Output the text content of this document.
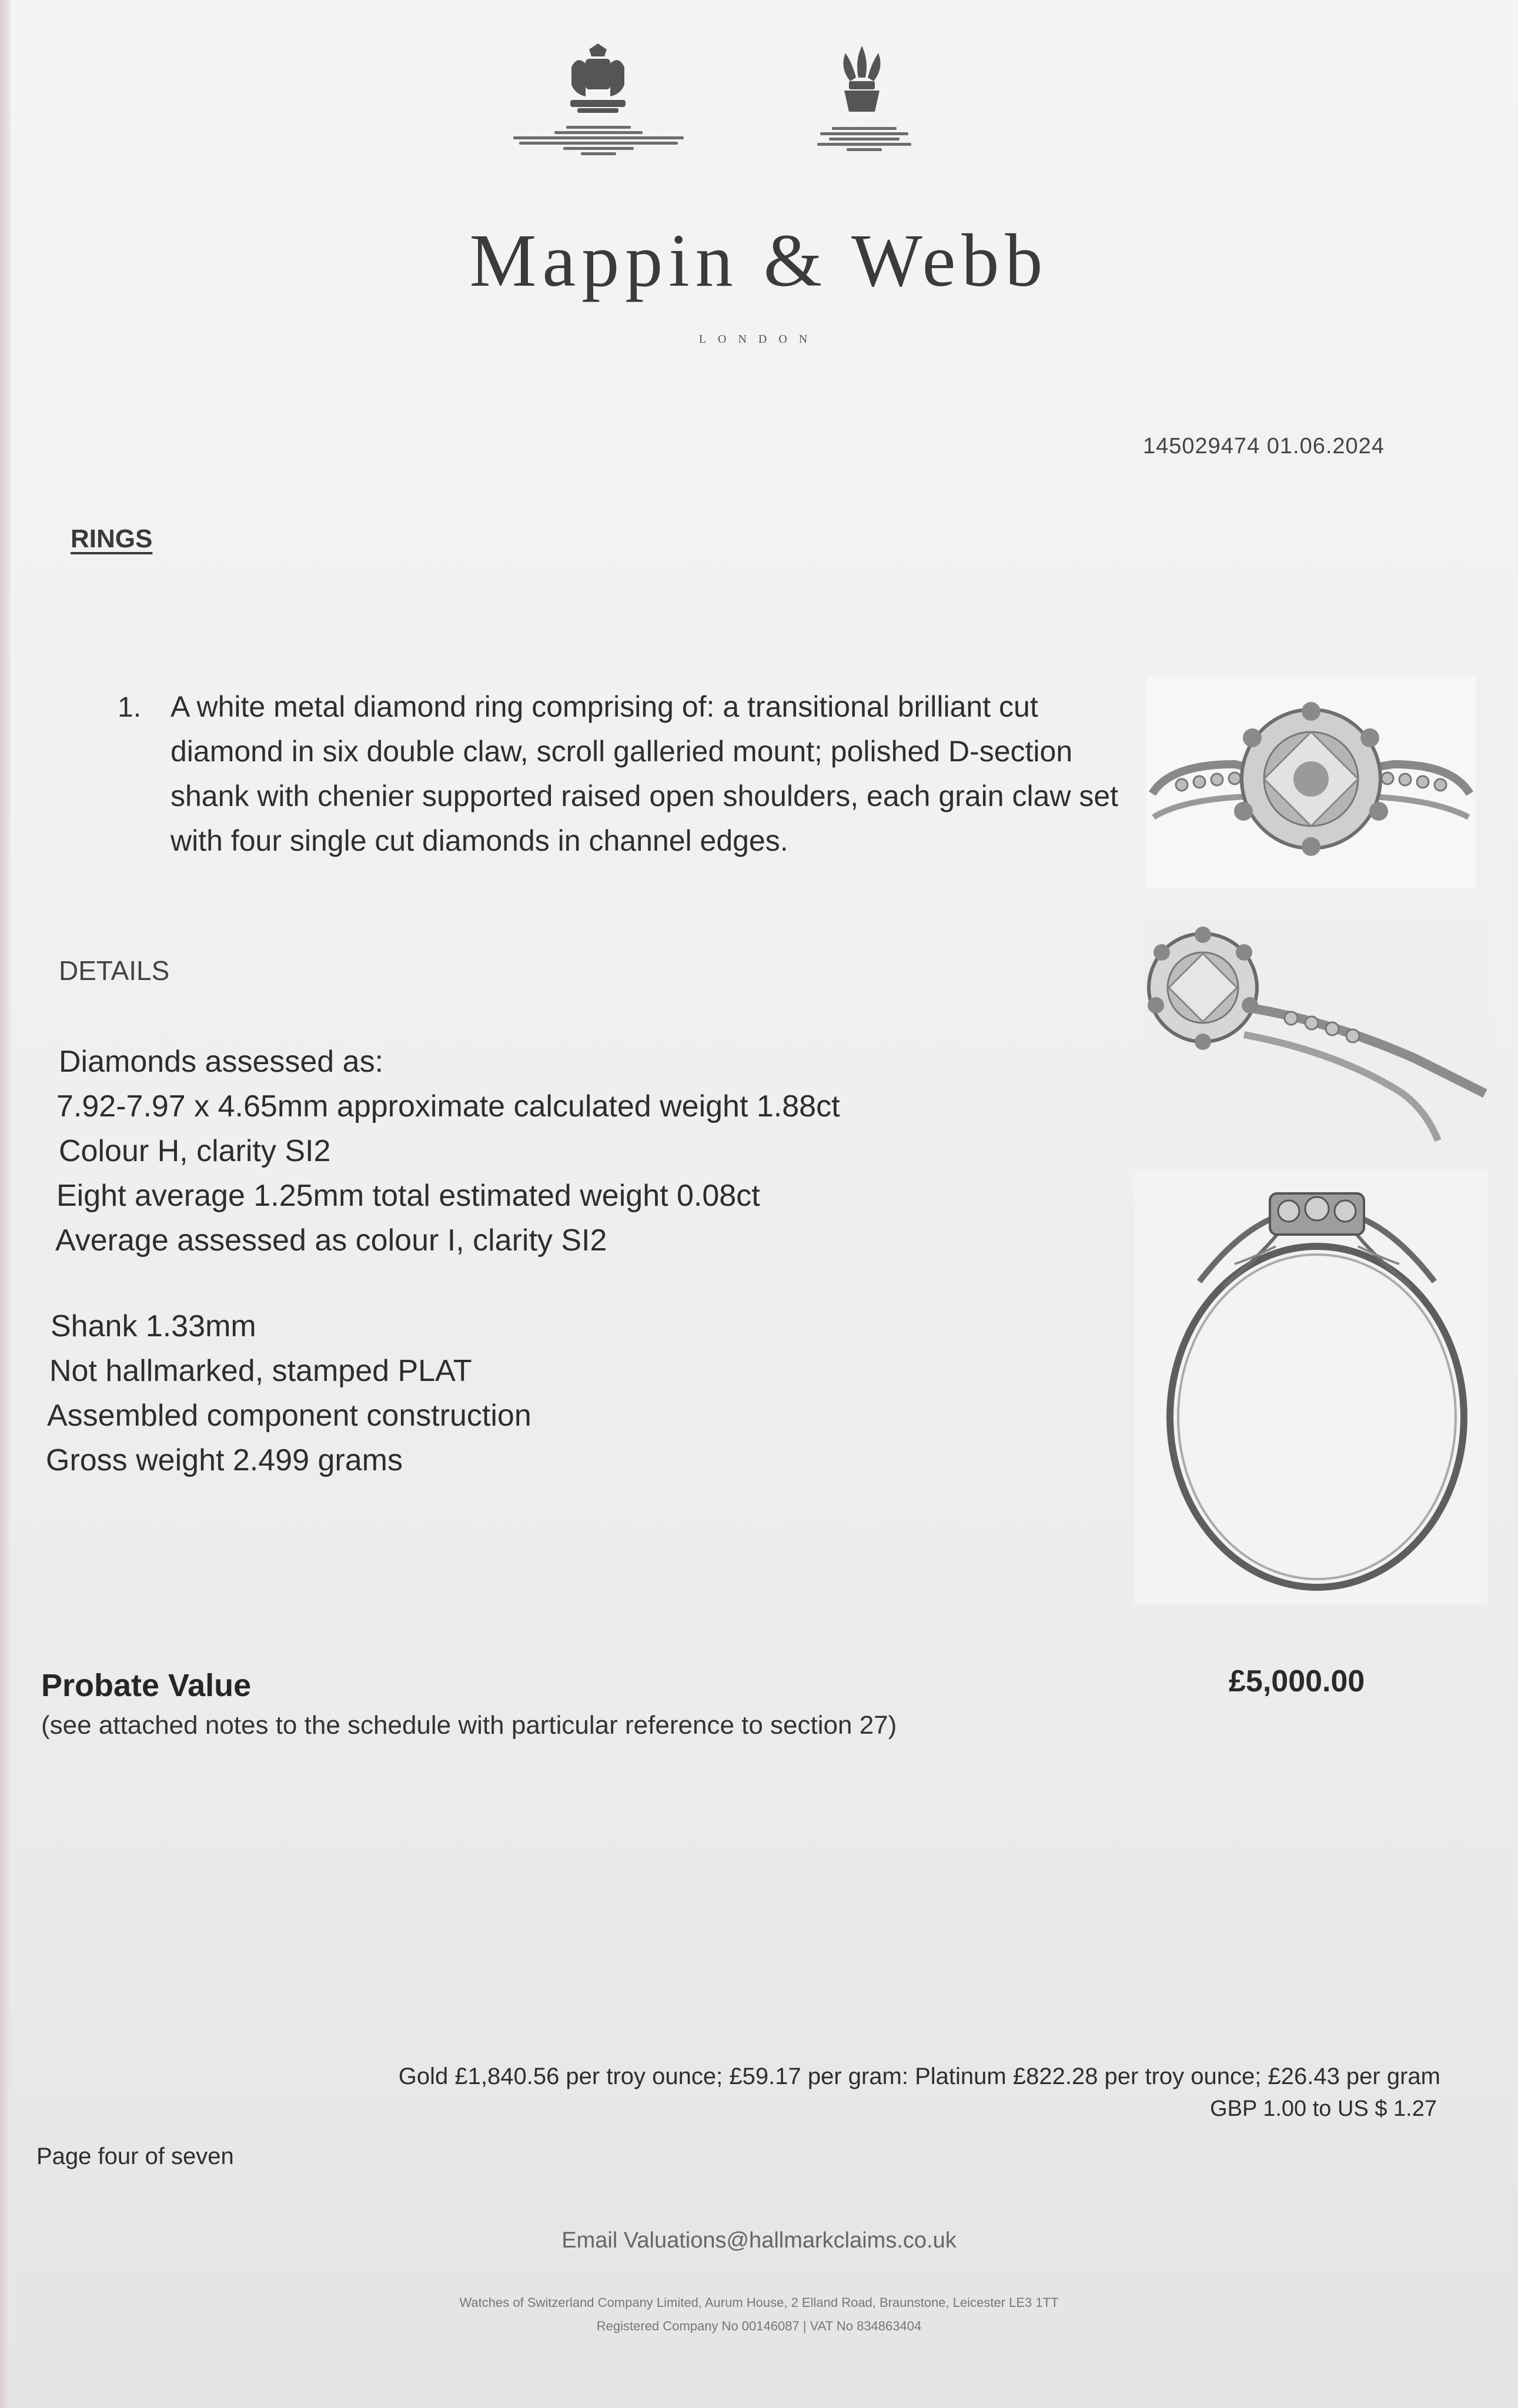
Mappin & Webb
LONDON
145029474 01.06.2024
RINGS
1. A white metal diamond ring comprising of: a transitional brilliant cut diamond in six double claw, scroll galleried mount; polished D-section shank with chenier supported raised open shoulders, each grain claw set with four single cut diamonds in channel edges.
DETAILS
Diamonds assessed as:
7.92-7.97 x 4.65mm approximate calculated weight 1.88ct
Colour H, clarity SI2
Eight average 1.25mm total estimated weight 0.08ct
Average assessed as colour I, clarity SI2
Shank 1.33mm
Not hallmarked, stamped PLAT
Assembled component construction
Gross weight 2.499 grams
Probate Value
(see attached notes to the schedule with particular reference to section 27)
£5,000.00
Gold £1,840.56 per troy ounce; £59.17 per gram: Platinum £822.28 per troy ounce; £26.43 per gram
GBP 1.00 to US $ 1.27
Page four of seven
Email Valuations@hallmarkclaims.co.uk
Watches of Switzerland Company Limited, Aurum House, 2 Elland Road, Braunstone, Leicester LE3 1TT
Registered Company No 00146087 | VAT No 834863404
